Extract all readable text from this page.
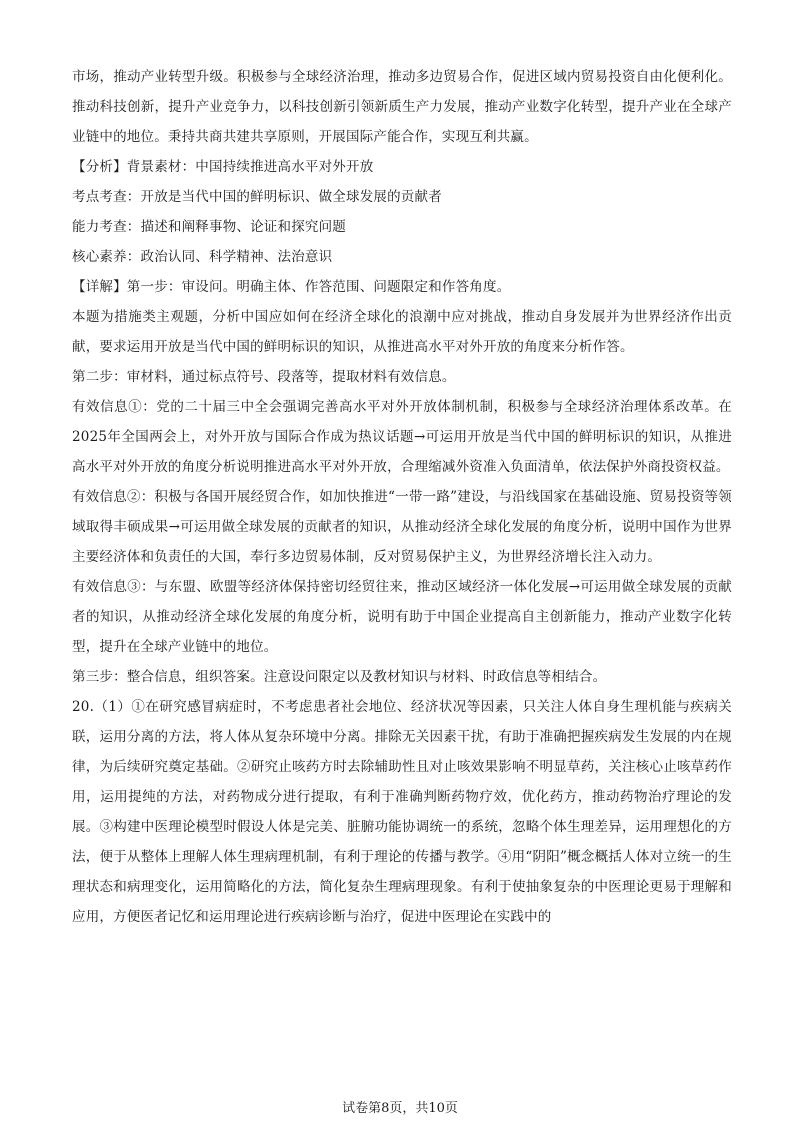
市场，推动产业转型升级。积极参与全球经济治理，推动多边贸易合作，促进区域内贸易投资自由化便利化。推动科技创新，提升产业竞争力，以科技创新引领新质生产力发展，推动产业数字化转型，提升产业在全球产业链中的地位。秉持共商共建共享原则，开展国际产能合作，实现互利共赢。

【分析】背景素材：中国持续推进高水平对外开放

考点考查：开放是当代中国的鲜明标识、做全球发展的贡献者

能力考查：描述和阐释事物、论证和探究问题

核心素养：政治认同、科学精神、法治意识

【详解】第一步：审设问。明确主体、作答范围、问题限定和作答角度。

本题为措施类主观题，分析中国应如何在经济全球化的浪潮中应对挑战，推动自身发展并为世界经济作出贡献，要求运用开放是当代中国的鲜明标识的知识，从推进高水平对外开放的角度来分析作答。

第二步：审材料，通过标点符号、段落等，提取材料有效信息。

有效信息①：党的二十届三中全会强调完善高水平对外开放体制机制，积极参与全球经济治理体系改革。在2025年全国两会上，对外开放与国际合作成为热议话题→可运用开放是当代中国的鲜明标识的知识，从推进高水平对外开放的角度分析说明推进高水平对外开放，合理缩减外资准入负面清单，依法保护外商投资权益。

有效信息②：积极与各国开展经贸合作，如加快推进“一带一路”建设，与沿线国家在基础设施、贸易投资等领域取得丰硕成果→可运用做全球发展的贡献者的知识，从推动经济全球化发展的角度分析，说明中国作为世界主要经济体和负责任的大国，奉行多边贸易体制，反对贸易保护主义，为世界经济增长注入动力。

有效信息③：与东盟、欧盟等经济体保持密切经贸往来，推动区域经济一体化发展→可运用做全球发展的贡献者的知识，从推动经济全球化发展的角度分析，说明有助于中国企业提高自主创新能力，推动产业数字化转型，提升在全球产业链中的地位。

第三步：整合信息，组织答案。注意设问限定以及教材知识与材料、时政信息等相结合。

20.（1）①在研究感冒病症时，不考虑患者社会地位、经济状况等因素，只关注人体自身生理机能与疾病关联，运用分离的方法，将人体从复杂环境中分离。排除无关因素干扰，有助于准确把握疾病发生发展的内在规律，为后续研究奠定基础。②研究止咳药方时去除辅助性且对止咳效果影响不明显草药，关注核心止咳草药作用，运用提纯的方法，对药物成分进行提取，有利于准确判断药物疗效，优化药方，推动药物治疗理论的发展。③构建中医理论模型时假设人体是完美、脏腑功能协调统一的系统，忽略个体生理差异，运用理想化的方法，便于从整体上理解人体生理病理机制，有利于理论的传播与教学。④用“阴阳”概念概括人体对立统一的生理状态和病理变化，运用简略化的方法，简化复杂生理病理现象。有利于使抽象复杂的中医理论更易于理解和应用，方便医者记忆和运用理论进行疾病诊断与治疗，促进中医理论在实践中的

试卷第8页，共10页
